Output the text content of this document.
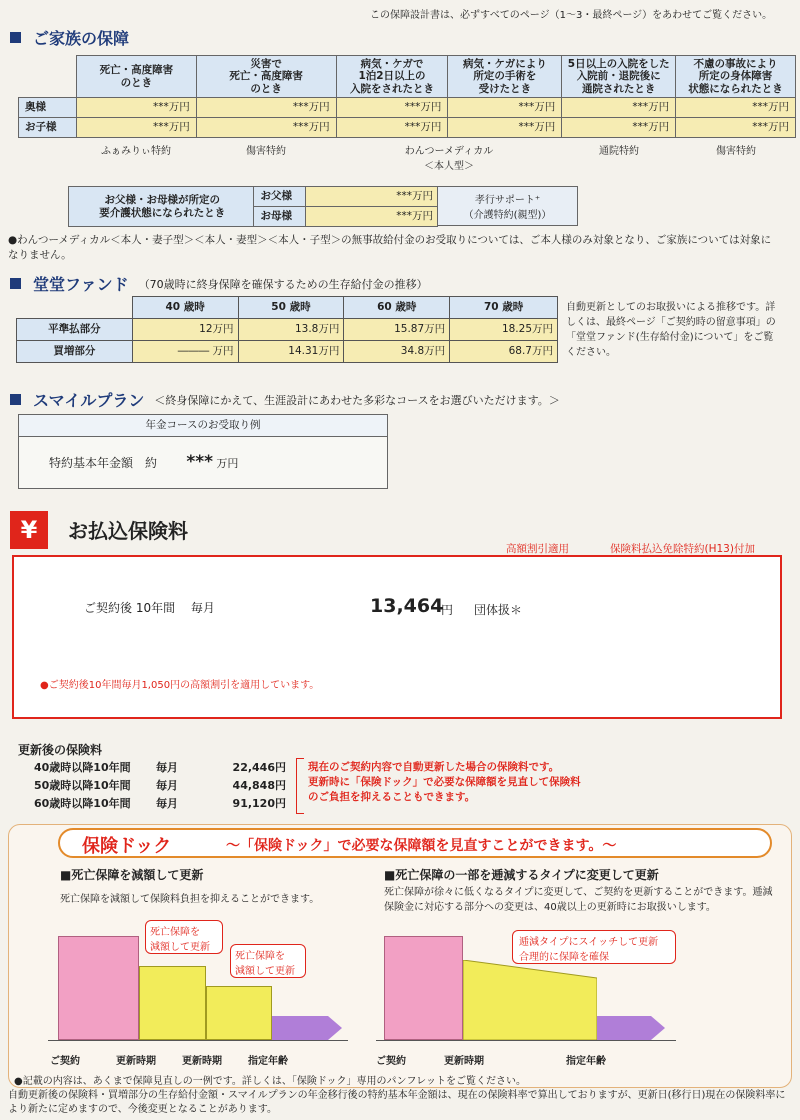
この保障設計書は、必ずすべてのページ（1～3・最終ページ）をあわせてご覧ください。
ご家族の保障
	死亡・高度障害
のとき	災害で
死亡・高度障害
のとき	病気・ケガで
1泊2日以上の
入院をされたとき	病気・ケガにより
所定の手術を
受けたとき	5日以上の入院をした
入院前・退院後に
通院されたとき	不慮の事故により
所定の身体障害
状態になられたとき
奥様	***万円	***万円	***万円	***万円	***万円	***万円
お子様	***万円	***万円	***万円	***万円	***万円	***万円
ふぁみりぃ特約	傷害特約	わんつーメディカル
＜本人型＞
通院特約	傷害特約
お父様・お母様が所定の
要介護状態になられたとき	お父様	***万円
	お母様	***万円
孝行サポート⁺
（介護特約(親型)）
●わんつーメディカル＜本人・妻子型＞＜本人・妻型＞＜本人・子型＞の無事故給付金のお受取りについては、ご本人様のみ対象となり、ご家族については対象になりません。
堂堂ファンド （70歳時に終身保障を確保するための生存給付金の推移）
	40 歳時	50 歳時	60 歳時	70 歳時
平準払部分	12万円	13.8万円	15.87万円	18.25万円
買増部分	――― 万円	14.31万円	34.8万円	68.7万円
自動更新としてのお取扱いによる推移です。詳しくは、最終ページ「ご契約時の留意事項」の「堂堂ファンド(生存給付金)について」をご覧ください。
スマイルプラン ＜終身保障にかえて、生涯設計にあわせた多彩なコースをお選びいただけます。＞
年金コースのお受取り例
特約基本年金額　約 *** 万円
¥	お払込保険料
高額割引適用	保険料払込免除特約(H13)付加
ご契約後 10年間　 毎月	13,464
円 団体扱＊
●ご契約後10年間毎月1,050円の高額割引を適用しています。
更新後の保険料
40歳時以降10年間	毎月	22,446円
50歳時以降10年間	毎月	44,848円
60歳時以降10年間	毎月	91,120円
現在のご契約内容で自動更新した場合の保険料です。
更新時に「保険ドック」で必要な保障額を見直して保険料
のご負担を抑えることもできます。
保険ドック	～「保険ドック」で必要な保障額を見直すことができます。～
■死亡保障を減額して更新
死亡保障を減額して保険料負担を抑えることができます。
■死亡保障の一部を逓減するタイプに変更して更新
死亡保障が徐々に低くなるタイプに変更して、ご契約を更新することができます。逓減保険金に対応する部分への変更は、40歳以上の更新時にお取扱いします。
死亡保障を
減額して更新
死亡保障を
減額して更新
ご契約	更新時期	更新時期	指定年齢
逓減タイプにスイッチして更新
合理的に保障を確保
ご契約	更新時期	指定年齢
●記載の内容は、あくまで保障見直しの一例です。詳しくは、「保険ドック」専用のパンフレットをご覧ください。
自動更新後の保険料・買増部分の生存給付金額・スマイルプランの年金移行後の特約基本年金額は、現在の保険料率で算出しておりますが、更新日(移行日)現在の保険料率により新たに定めますので、今後変更となることがあります。
